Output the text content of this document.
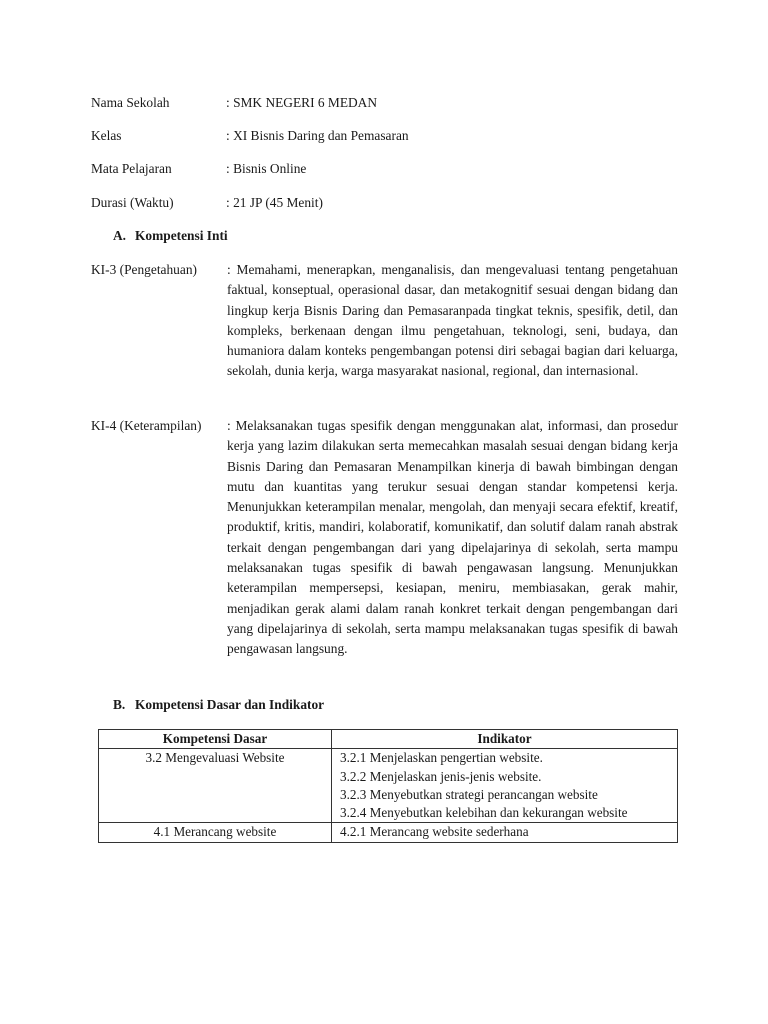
Nama Sekolah	: SMK NEGERI 6 MEDAN
Kelas	: XI Bisnis Daring dan Pemasaran
Mata Pelajaran	: Bisnis Online
Durasi (Waktu)	: 21 JP (45 Menit)
A. Kompetensi Inti
KI-3 (Pengetahuan) : Memahami, menerapkan, menganalisis, dan mengevaluasi tentang pengetahuan faktual, konseptual, operasional dasar, dan metakognitif sesuai dengan bidang dan lingkup kerja Bisnis Daring dan Pemasaranpada tingkat teknis, spesifik, detil, dan kompleks, berkenaan dengan ilmu pengetahuan, teknologi, seni, budaya, dan humaniora dalam konteks pengembangan potensi diri sebagai bagian dari keluarga, sekolah, dunia kerja, warga masyarakat nasional, regional, dan internasional.
KI-4 (Keterampilan) : Melaksanakan tugas spesifik dengan menggunakan alat, informasi, dan prosedur kerja yang lazim dilakukan serta memecahkan masalah sesuai dengan bidang kerja Bisnis Daring dan Pemasaran Menampilkan kinerja di bawah bimbingan dengan mutu dan kuantitas yang terukur sesuai dengan standar kompetensi kerja. Menunjukkan keterampilan menalar, mengolah, dan menyaji secara efektif, kreatif, produktif, kritis, mandiri, kolaboratif, komunikatif, dan solutif dalam ranah abstrak terkait dengan pengembangan dari yang dipelajarinya di sekolah, serta mampu melaksanakan tugas spesifik di bawah pengawasan langsung. Menunjukkan keterampilan mempersepsi, kesiapan, meniru, membiasakan, gerak mahir, menjadikan gerak alami dalam ranah konkret terkait dengan pengembangan dari yang dipelajarinya di sekolah, serta mampu melaksanakan tugas spesifik di bawah pengawasan langsung.
B. Kompetensi Dasar dan Indikator
Kompetensi Dasar	Indikator
3.2 Mengevaluasi Website	3.2.1 Menjelaskan pengertian website.
3.2.2 Menjelaskan jenis-jenis website.
3.2.3 Menyebutkan strategi perancangan website
3.2.4 Menyebutkan kelebihan dan kekurangan website

4.1 Merancang website	4.2.1 Merancang website sederhana
